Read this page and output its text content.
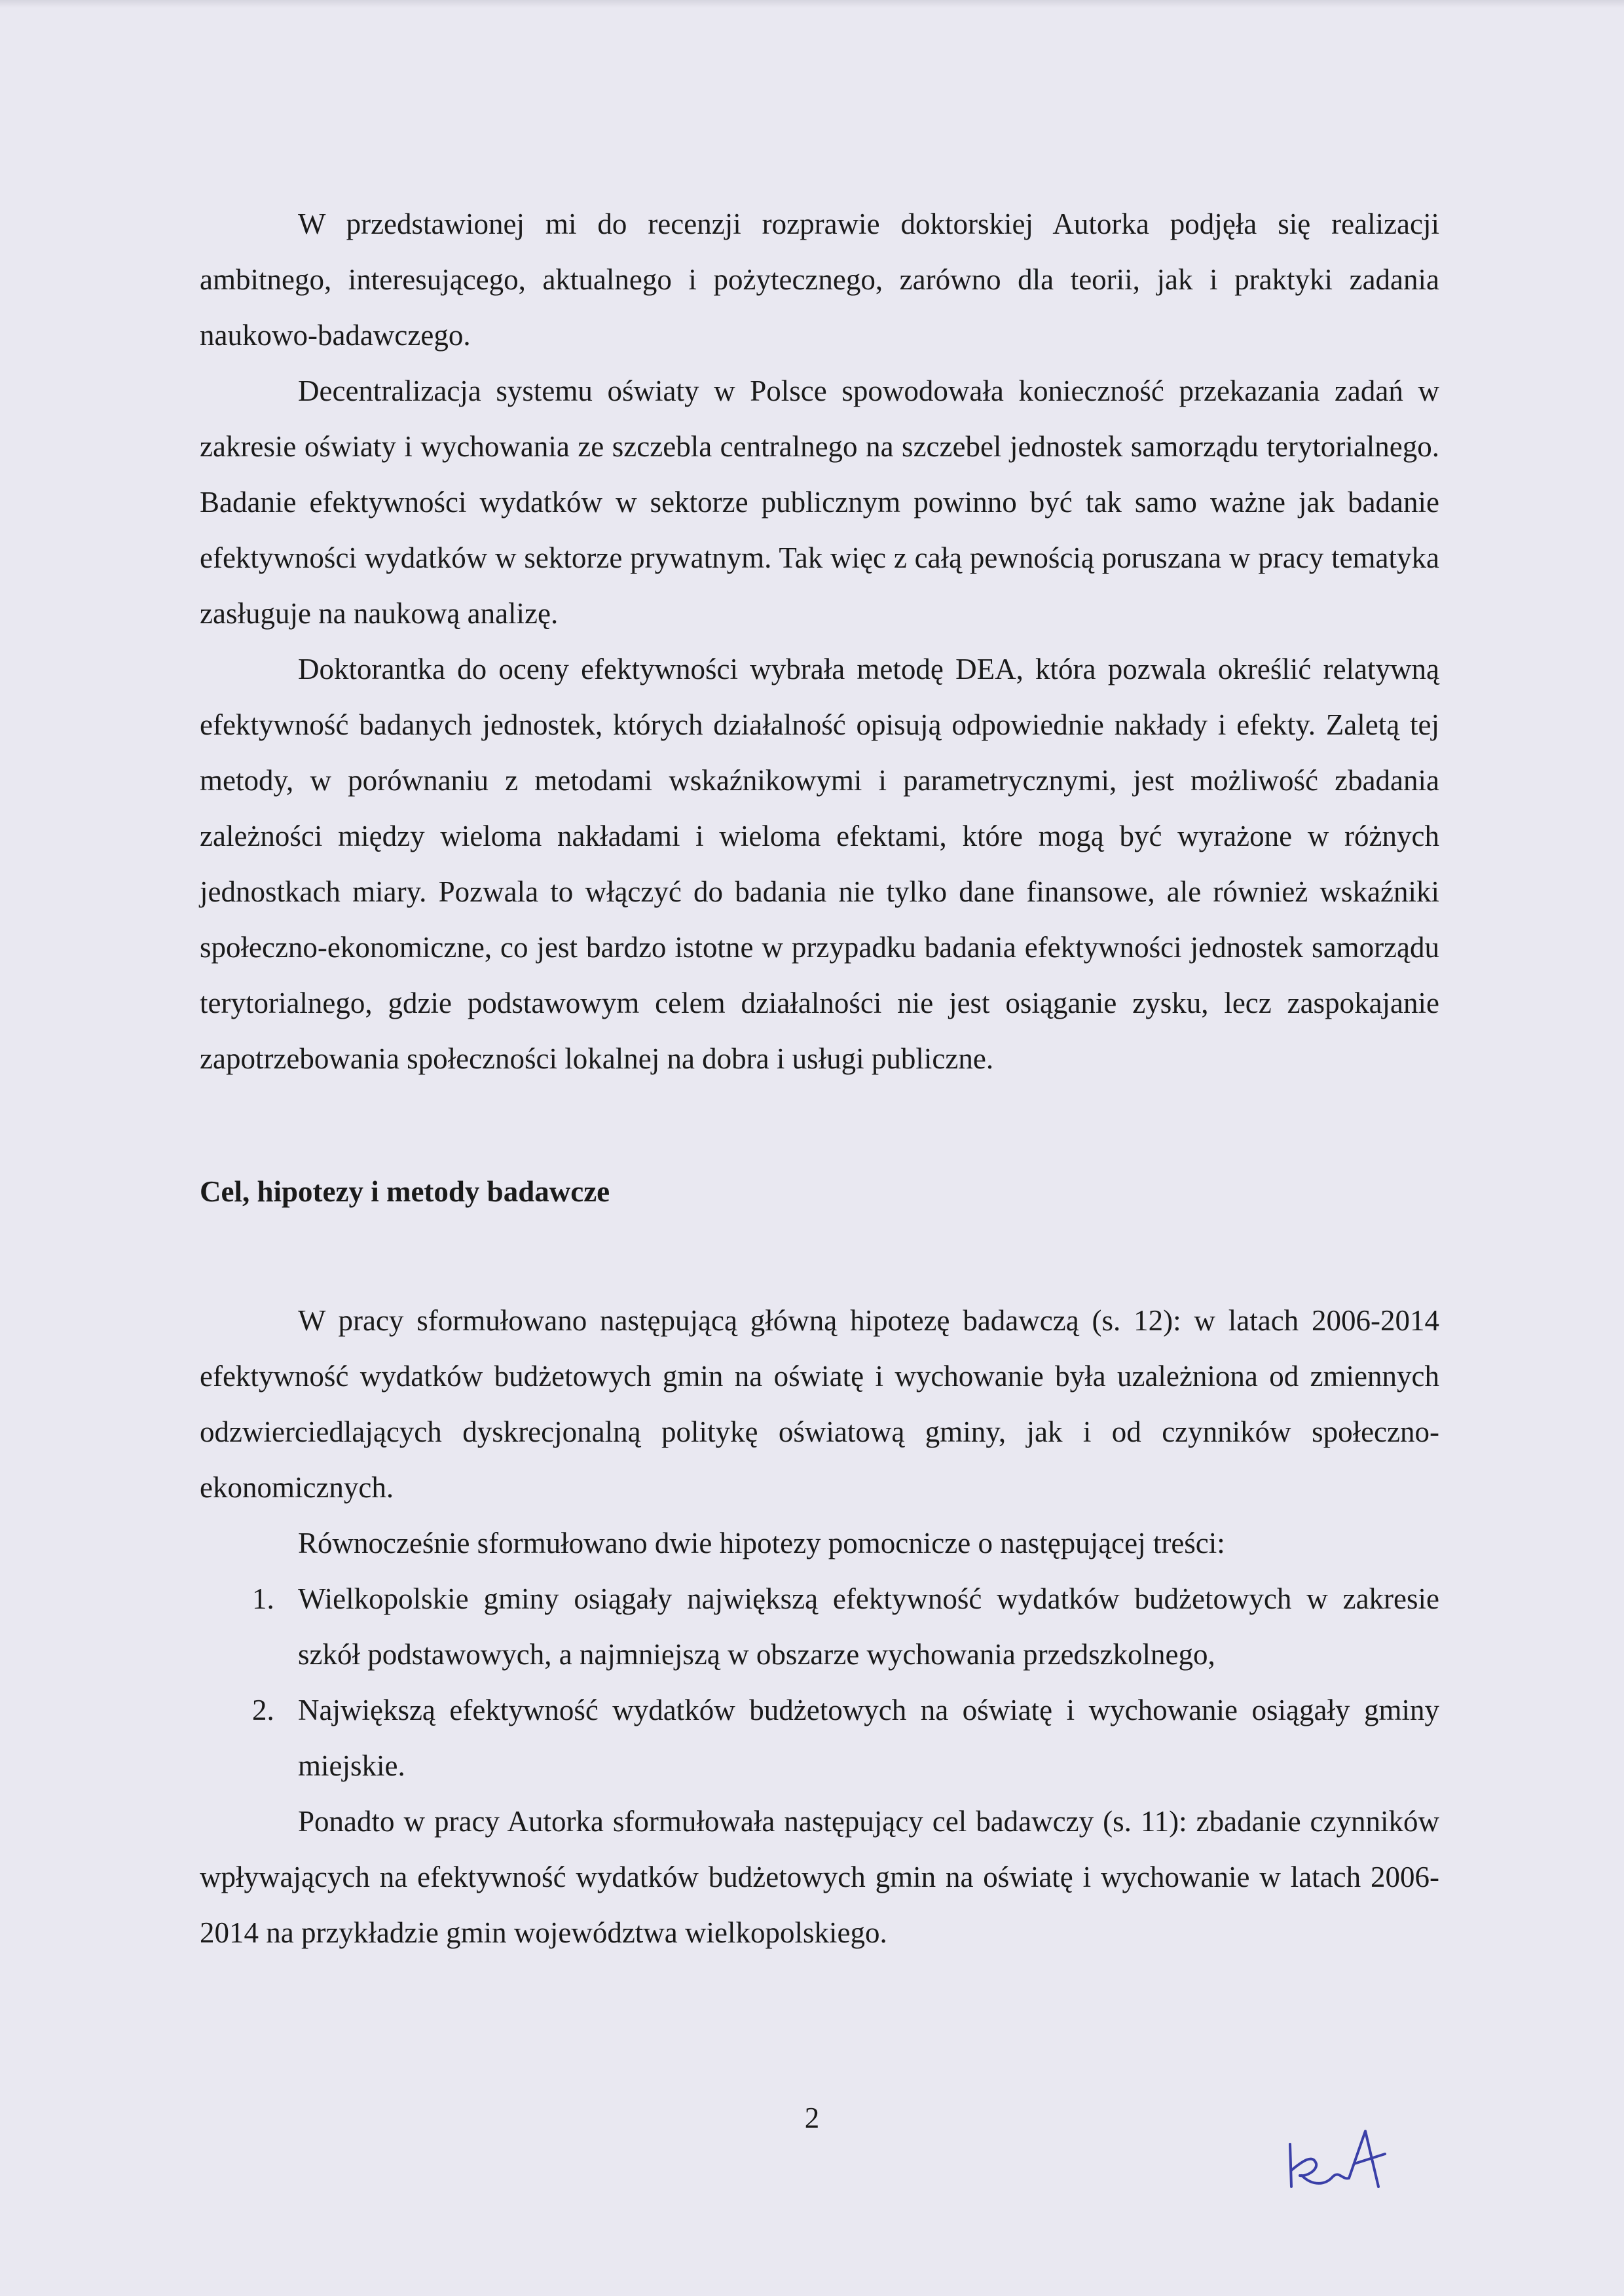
W przedstawionej mi do recenzji rozprawie doktorskiej Autorka podjęła się realizacji ambitnego, interesującego, aktualnego i pożytecznego, zarówno dla teorii, jak i praktyki zadania naukowo-badawczego.

Decentralizacja systemu oświaty w Polsce spowodowała konieczność przekazania zadań w zakresie oświaty i wychowania ze szczebla centralnego na szczebel jednostek samorządu terytorialnego. Badanie efektywności wydatków w sektorze publicznym powinno być tak samo ważne jak badanie efektywności wydatków w sektorze prywatnym. Tak więc z całą pewnością poruszana w pracy tematyka zasługuje na naukową analizę.

Doktorantka do oceny efektywności wybrała metodę DEA, która pozwala określić relatywną efektywność badanych jednostek, których działalność opisują odpowiednie nakłady i efekty. Zaletą tej metody, w porównaniu z metodami wskaźnikowymi i parametrycznymi, jest możliwość zbadania zależności między wieloma nakładami i wieloma efektami, które mogą być wyrażone w różnych jednostkach miary. Pozwala to włączyć do badania nie tylko dane finansowe, ale również wskaźniki społeczno-ekonomiczne, co jest bardzo istotne w przypadku badania efektywności jednostek samorządu terytorialnego, gdzie podstawowym celem działalności nie jest osiąganie zysku, lecz zaspokajanie zapotrzebowania społeczności lokalnej na dobra i usługi publiczne.

Cel, hipotezy i metody badawcze

W pracy sformułowano następującą główną hipotezę badawczą (s. 12): w latach 2006-2014 efektywność wydatków budżetowych gmin na oświatę i wychowanie była uzależniona od zmiennych odzwierciedlających dyskrecjonalną politykę oświatową gminy, jak i od czynników społeczno-ekonomicznych.

Równocześnie sformułowano dwie hipotezy pomocnicze o następującej treści:

1. Wielkopolskie gminy osiągały największą efektywność wydatków budżetowych w zakresie szkół podstawowych, a najmniejszą w obszarze wychowania przedszkolnego,
2. Największą efektywność wydatków budżetowych na oświatę i wychowanie osiągały gminy miejskie.

Ponadto w pracy Autorka sformułowała następujący cel badawczy (s. 11): zbadanie czynników wpływających na efektywność wydatków budżetowych gmin na oświatę i wychowanie w latach 2006-2014 na przykładzie gmin województwa wielkopolskiego.

2
